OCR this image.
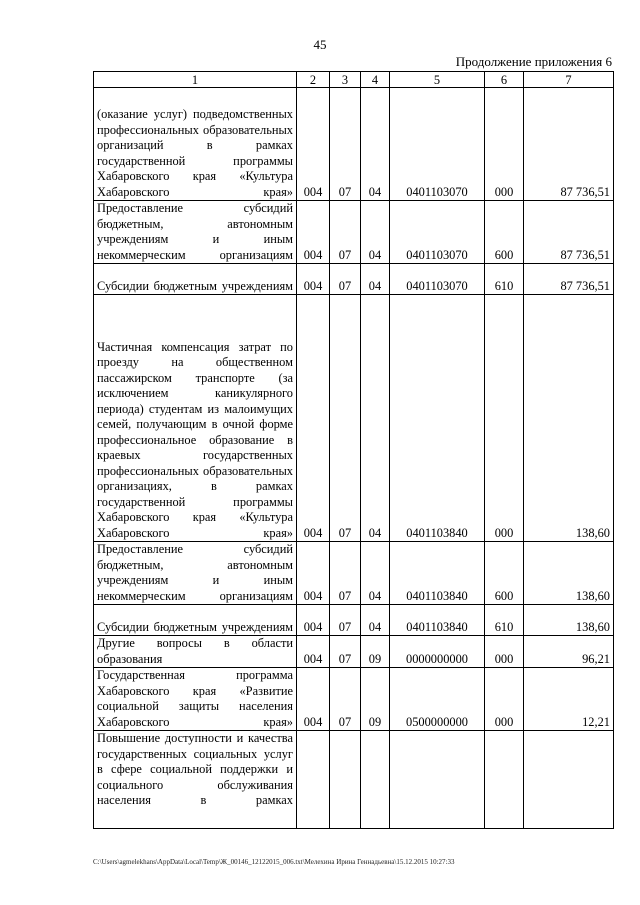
45
Продолжение приложения 6
1	2	3	4	5	6	7
(оказание услуг) подведомственных профессиональных образовательных организаций в рамках государственной программы Хабаровского края «Культура Хабаровского края»	004	07	04	0401103070	000	87 736,51
Предоставление субсидий бюджетным, автономным учреждениям и иным некоммерческим организациям	004	07	04	0401103070	600	87 736,51
Субсидии бюджетным учреждениям	004	07	04	0401103070	610	87 736,51
Частичная компенсация затрат по проезду на общественном пассажирском транспорте (за исключением каникулярного периода) студентам из малоимущих семей, получающим в очной форме профессиональное образование в краевых государственных профессиональных образовательных организациях, в рамках государственной программы Хабаровского края «Культура Хабаровского края»	004	07	04	0401103840	000	138,60
Предоставление субсидий бюджетным, автономным учреждениям и иным некоммерческим организациям	004	07	04	0401103840	600	138,60
Субсидии бюджетным учреждениям	004	07	04	0401103840	610	138,60
Другие вопросы в области образования	004	07	09	0000000000	000	96,21
Государственная программа Хабаровского края «Развитие социальной защиты населения Хабаровского края»	004	07	09	0500000000	000	12,21
Повышение доступности и качества государственных социальных услуг в сфере социальной поддержки и социального обслуживания населения в рамках						
C:\Users\agmelekhans\AppData\Local\Temp\Ж_00146_12122015_006.txt\Мелехина Ирина Геннадьевна\15.12.2015 10:27:33
